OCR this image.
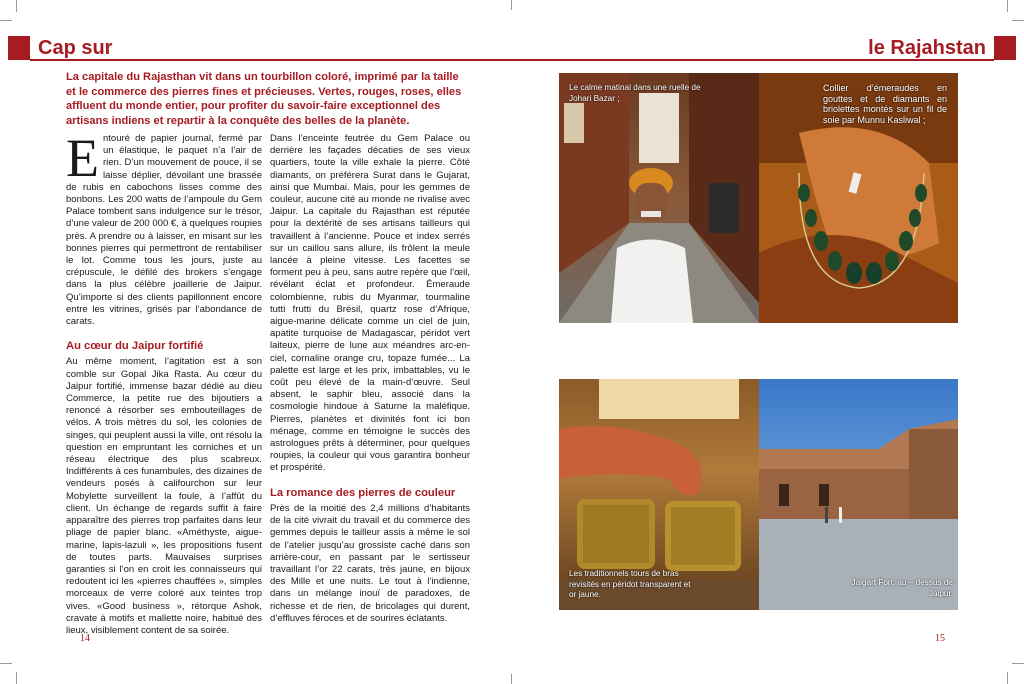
Cap sur	le Rajahstan
La capitale du Rajasthan vit dans un tourbillon coloré, imprimé par la taille et le commerce des pierres fines et précieuses. Vertes, rouges, roses, elles affluent du monde entier, pour profiter du savoir-faire exceptionnel des artisans indiens et repartir à la conquête des belles de la planète.
E ntouré de papier journal, fermé par un élastique, le paquet n’a l’air de rien. D’un mouvement de pouce, il se laisse déplier, dévoilant une brassée de rubis en cabochons lisses comme des bonbons. Les 200 watts de l’ampoule du Gem Palace tombent sans indulgence sur le trésor, d’une valeur de 200 000 €, à quelques roupies près. A prendre ou à laisser, en misant sur les bonnes pierres qui permettront de rentabiliser le lot. Comme tous les jours, juste au crépuscule, le défilé des brokers s’engage dans la plus célèbre joaillerie de Jaipur. Qu’importe si des clients papillonnent encore entre les vitrines, grisés par l’abondance de carats.

Au cœur du Jaipur fortifié

Au même moment, l’agitation est à son comble sur Gopal Jika Rasta. Au cœur du Jaipur fortifié, immense bazar dédié au dieu Commerce, la petite rue des bijoutiers a renoncé à résorber ses embouteillages de vélos. A trois mètres du sol, les colonies de singes, qui peuplent aussi la ville, ont résolu la question en empruntant les corniches et un réseau électrique des plus scabreux. Indifférents à ces funambules, des dizaines de vendeurs posés à califourchon sur leur Mobylette surveillent la foule, à l’affût du client. Un échange de regards suffit à faire apparaître des pierres trop parfaites dans leur pliage de papier blanc. «Améthyste, aigue-marine, lapis-lazuli », les propositions fusent de toutes parts. Mauvaises surprises garanties si l’on en croit les connaisseurs qui redoutent ici les «pierres chauffées », simples morceaux de verre coloré aux teintes trop vives. «Good business », rétorque Ashok, cravate à motifs et mallette noire, habitué des lieux, visiblement content de sa soirée.

Dans l’enceinte feutrée du Gem Palace ou derrière les façades décaties de ses vieux quartiers, toute la ville exhale la pierre. Côté diamants, on préférera Surat dans le Gujarat, ainsi que Mumbai. Mais, pour les gemmes de couleur, aucune cité au monde ne rivalise avec Jaipur. La capitale du Rajasthan est réputée pour la dextérité de ses artisans tailleurs qui travaillent à l’ancienne. Pouce et index serrés sur un caillou sans allure, ils frôlent la meule lancée à pleine vitesse. Les facettes se forment peu à peu, sans autre repère que l’œil, révélant éclat et profondeur. Émeraude colombienne, rubis du Myanmar, tourmaline tutti frutti du Brésil, quartz rose d’Afrique, aigue-marine délicate comme un ciel de juin, apatite turquoise de Madagascar, péridot vert laiteux, pierre de lune aux méandres arc-en-ciel, cornaline orange cru, topaze fumée... La palette est large et les prix, imbattables, vu le coût peu élevé de la main-d’œuvre. Seul absent, le saphir bleu, associé dans la cosmologie hindoue à Saturne la maléfique. Pierres, planètes et divinités font ici bon ménage, comme en témoigne le succès des astrologues prêts à déterminer, pour quelques roupies, la couleur qui vous garantira bonheur et prospérité.

La romance des pierres de couleur

Près de la moitié des 2,4 millions d’habitants de la cité vivrait du travail et du commerce des gemmes depuis le tailleur assis à même le sol de l’atelier jusqu’au grossiste caché dans son arrière-cour, en passant par le sertisseur travaillant l’or 22 carats, très jaune, en bijoux des Mille et une nuits. Le tout à l’indienne, dans un mélange inouï de paradoxes, de richesse et de rien, de bricolages qui durent, d’effluves féroces et de sourires éclatants.

Le calme matinal dans une ruelle de Johari Bazar ;
Collier d’émeraudes en gouttes et de diamants en briolettes montés sur un fil de soie par Munnu Kasliwal ;
Les traditionnels tours de bras revisités en péridot transparent et or jaune.
Jaigart Fort, au – dessus de Jaipur.
14	15
